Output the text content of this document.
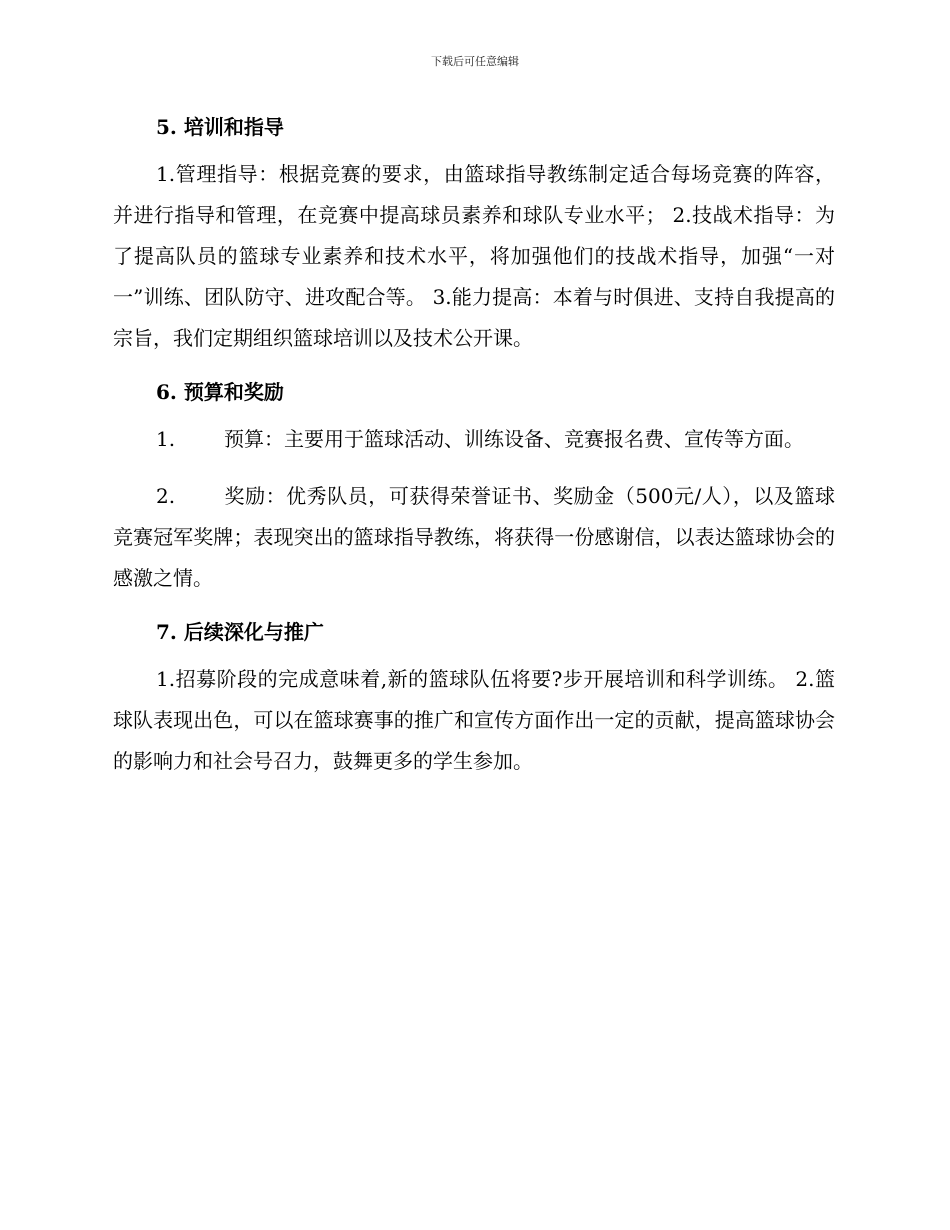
下载后可任意编辑
5. 培训和指导

1.管理指导：根据竞赛的要求，由篮球指导教练制定适合每场竞赛的阵容，并进行指导和管理，在竞赛中提高球员素养和球队专业水平； 2.技战术指导：为了提高队员的篮球专业素养和技术水平，将加强他们的技战术指导，加强“一对一”训练、团队防守、进攻配合等。 3.能力提高：本着与时俱进、支持自我提高的宗旨，我们定期组织篮球培训以及技术公开课。

6. 预算和奖励

1. 预算：主要用于篮球活动、训练设备、竞赛报名费、宣传等方面。

2. 奖励：优秀队员，可获得荣誉证书、奖励金（500元/人），以及篮球竞赛冠军奖牌；表现突出的篮球指导教练，将获得一份感谢信，以表达篮球协会的感激之情。

7. 后续深化与推广

1.招募阶段的完成意味着,新的篮球队伍将要?步开展培训和科学训练。 2.篮球队表现出色，可以在篮球赛事的推广和宣传方面作出一定的贡献，提高篮球协会的影响力和社会号召力，鼓舞更多的学生参加。
